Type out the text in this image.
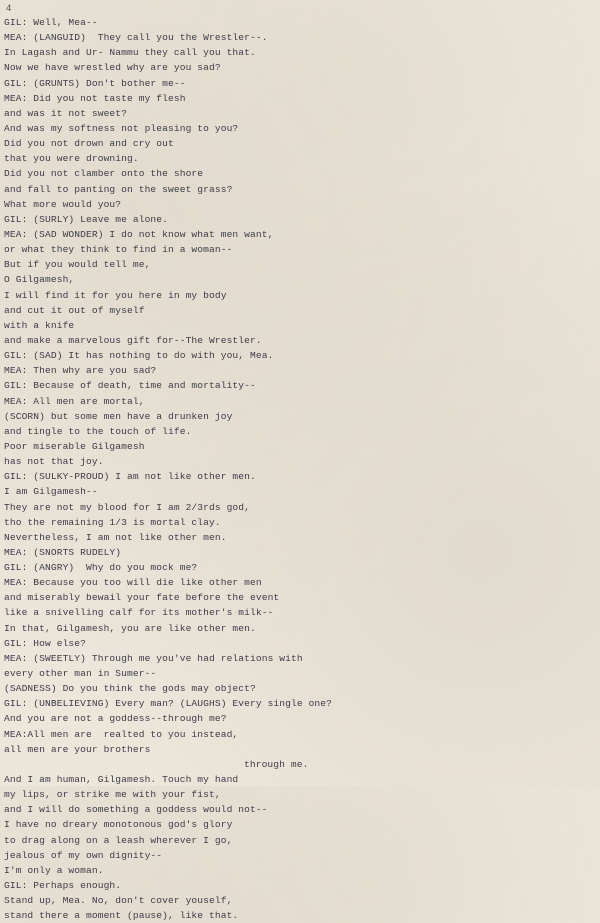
4
GIL: Well, Mea--
MEA: (LANGUID)  They call you the Wrestler--.
In Lagash and Ur- Nammu they call you that.
Now we have wrestled why are you sad?
GIL: (GRUNTS) Don't bother me--
MEA: Did you not taste my flesh
and was it not sweet?
And was my softness not pleasing to you?
Did you not drown and cry out
that you were drowning.
Did you not clamber onto the shore
and fall to panting on the sweet grass?
What more would you?
GIL: (SURLY) Leave me alone.
MEA: (SAD WONDER) I do not know what men want,
or what they think to find in a woman--
But if you would tell me,
O Gilgamesh,
I will find it for you here in my body
and cut it out of myself
with a knife
and make a marvelous gift for--The Wrestler.
GIL: (SAD) It has nothing to do with you, Mea.
MEA: Then why are you sad?
GIL: Because of death, time and mortality--
MEA: All men are mortal,
(SCORN) but some men have a drunken joy
and tingle to the touch of life.
Poor miserable Gilgamesh
has not that joy.
GIL: (SULKY-PROUD) I am not like other men.
I am Gilgamesh--
They are not my blood for I am 2/3rds god,
tho the remaining 1/3 is mortal clay.
Nevertheless, I am not like other men.
MEA: (SNORTS RUDELY)
GIL: (ANGRY)  Why do you mock me?
MEA: Because you too will die like other men
and miserably bewail your fate before the event
like a snivelling calf for its mother's milk--
In that, Gilgamesh, you are like other men.
GIL: How else?
MEA: (SWEETLY) Through me you've had relations with
every other man in Sumer--
(SADNESS) Do you think the gods may object?
GIL: (UNBELIEVING) Every man? (LAUGHS) Every single one?
And you are not a goddess--through me?
MEA:All men are  realted to you instead,
all men are your brothers
through me.
And I am human, Gilgamesh. Touch my hand
my lips, or strike me with your fist,
and I will do something a goddess would not--
I have no dreary monotonous god's glory
to drag along on a leash wherever I go,
jealous of my own dignity--
I'm only a woman.
GIL: Perhaps enough.
Stand up, Mea. No, don't cover youself,
stand there a moment (pause), like that.
